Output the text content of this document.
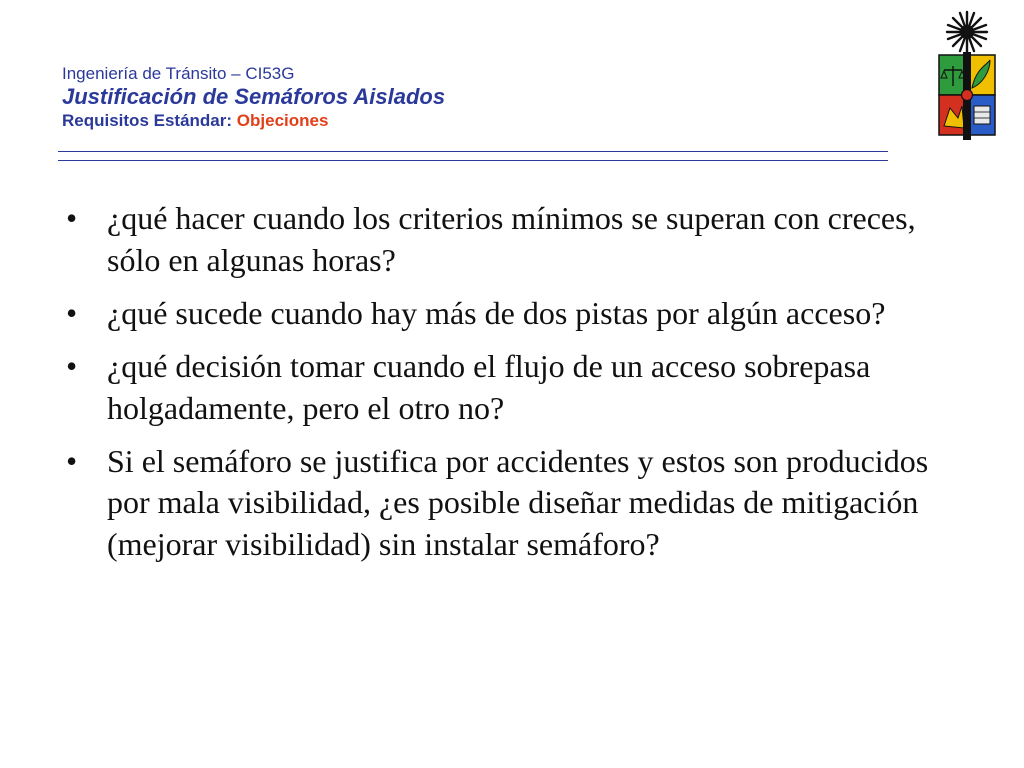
Ingeniería de Tránsito – CI53G

Justificación de Semáforos Aislados

Requisitos Estándar: Objeciones

• ¿qué hacer cuando los criterios mínimos se superan con creces, sólo en algunas horas?
• ¿qué sucede cuando hay más de dos pistas por algún acceso?
• ¿qué decisión tomar cuando el flujo de un acceso sobrepasa holgadamente, pero el otro no?
• Si el semáforo se justifica por accidentes y estos son producidos por mala visibilidad, ¿es posible diseñar medidas de mitigación (mejorar visibilidad) sin instalar semáforo?
